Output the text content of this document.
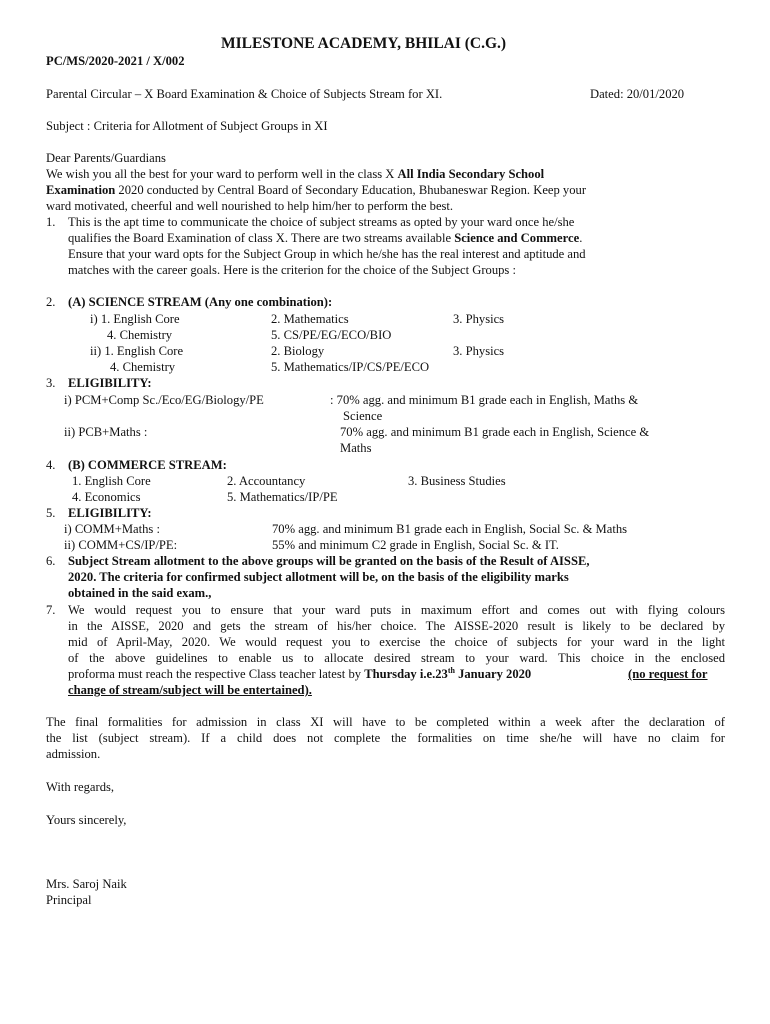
MILESTONE ACADEMY, BHILAI (C.G.)
PC/MS/2020-2021 / X/002
Parental Circular – X Board Examination & Choice of Subjects Stream for XI.	Dated: 20/01/2020
Subject : Criteria for Allotment of Subject Groups in XI
Dear Parents/Guardians
We wish you all the best for your ward to perform well in the class X All India Secondary School
Examination 2020 conducted by Central Board of Secondary Education, Bhubaneswar Region. Keep your
ward motivated, cheerful and well nourished to help him/her to perform the best.
1. This is the apt time to communicate the choice of subject streams as opted by your ward once he/she
qualifies the Board Examination of class X. There are two streams available Science and Commerce.
Ensure that your ward opts for the Subject Group in which he/she has the real interest and aptitude and
matches with the career goals. Here is the criterion for the choice of the Subject Groups :
2. (A) SCIENCE STREAM (Any one combination):
i) 1. English Core	2. Mathematics	3. Physics
4. Chemistry	5. CS/PE/EG/ECO/BIO
ii) 1. English Core	2. Biology	3. Physics
4. Chemistry	5. Mathematics/IP/CS/PE/ECO
3. ELIGIBILITY:
i) PCM+Comp Sc./Eco/EG/Biology/PE	: 70% agg. and minimum B1 grade each in English, Maths &
Science
ii) PCB+Maths :	70% agg. and minimum B1 grade each in English, Science &
Maths
4. (B) COMMERCE STREAM:
1. English Core	2. Accountancy	3. Business Studies
4. Economics	5. Mathematics/IP/PE
5. ELIGIBILITY:
i) COMM+Maths :	70% agg. and minimum B1 grade each in English, Social Sc. & Maths
ii) COMM+CS/IP/PE:	55% and minimum C2 grade in English, Social Sc. & IT.
6. Subject Stream allotment to the above groups will be granted on the basis of the Result of AISSE,
2020. The criteria for confirmed subject allotment will be, on the basis of the eligibility marks
obtained in the said exam.,
7. We would request you to ensure that your ward puts in maximum effort and comes out with flying colours
in the AISSE, 2020 and gets the stream of his/her choice. The AISSE-2020 result is likely to be declared by
mid of April-May, 2020. We would request you to exercise the choice of subjects for your ward in the light
of the above guidelines to enable us to allocate desired stream to your ward. This choice in the enclosed
proforma must reach the respective Class teacher latest by Thursday i.e.23th January 2020	(no request for
change of stream/subject will be entertained).
The final formalities for admission in class XI will have to be completed within a week after the declaration of
the list (subject stream). If a child does not complete the formalities on time she/he will have no claim for
admission.
With regards,
Yours sincerely,
Mrs. Saroj Naik
Principal
